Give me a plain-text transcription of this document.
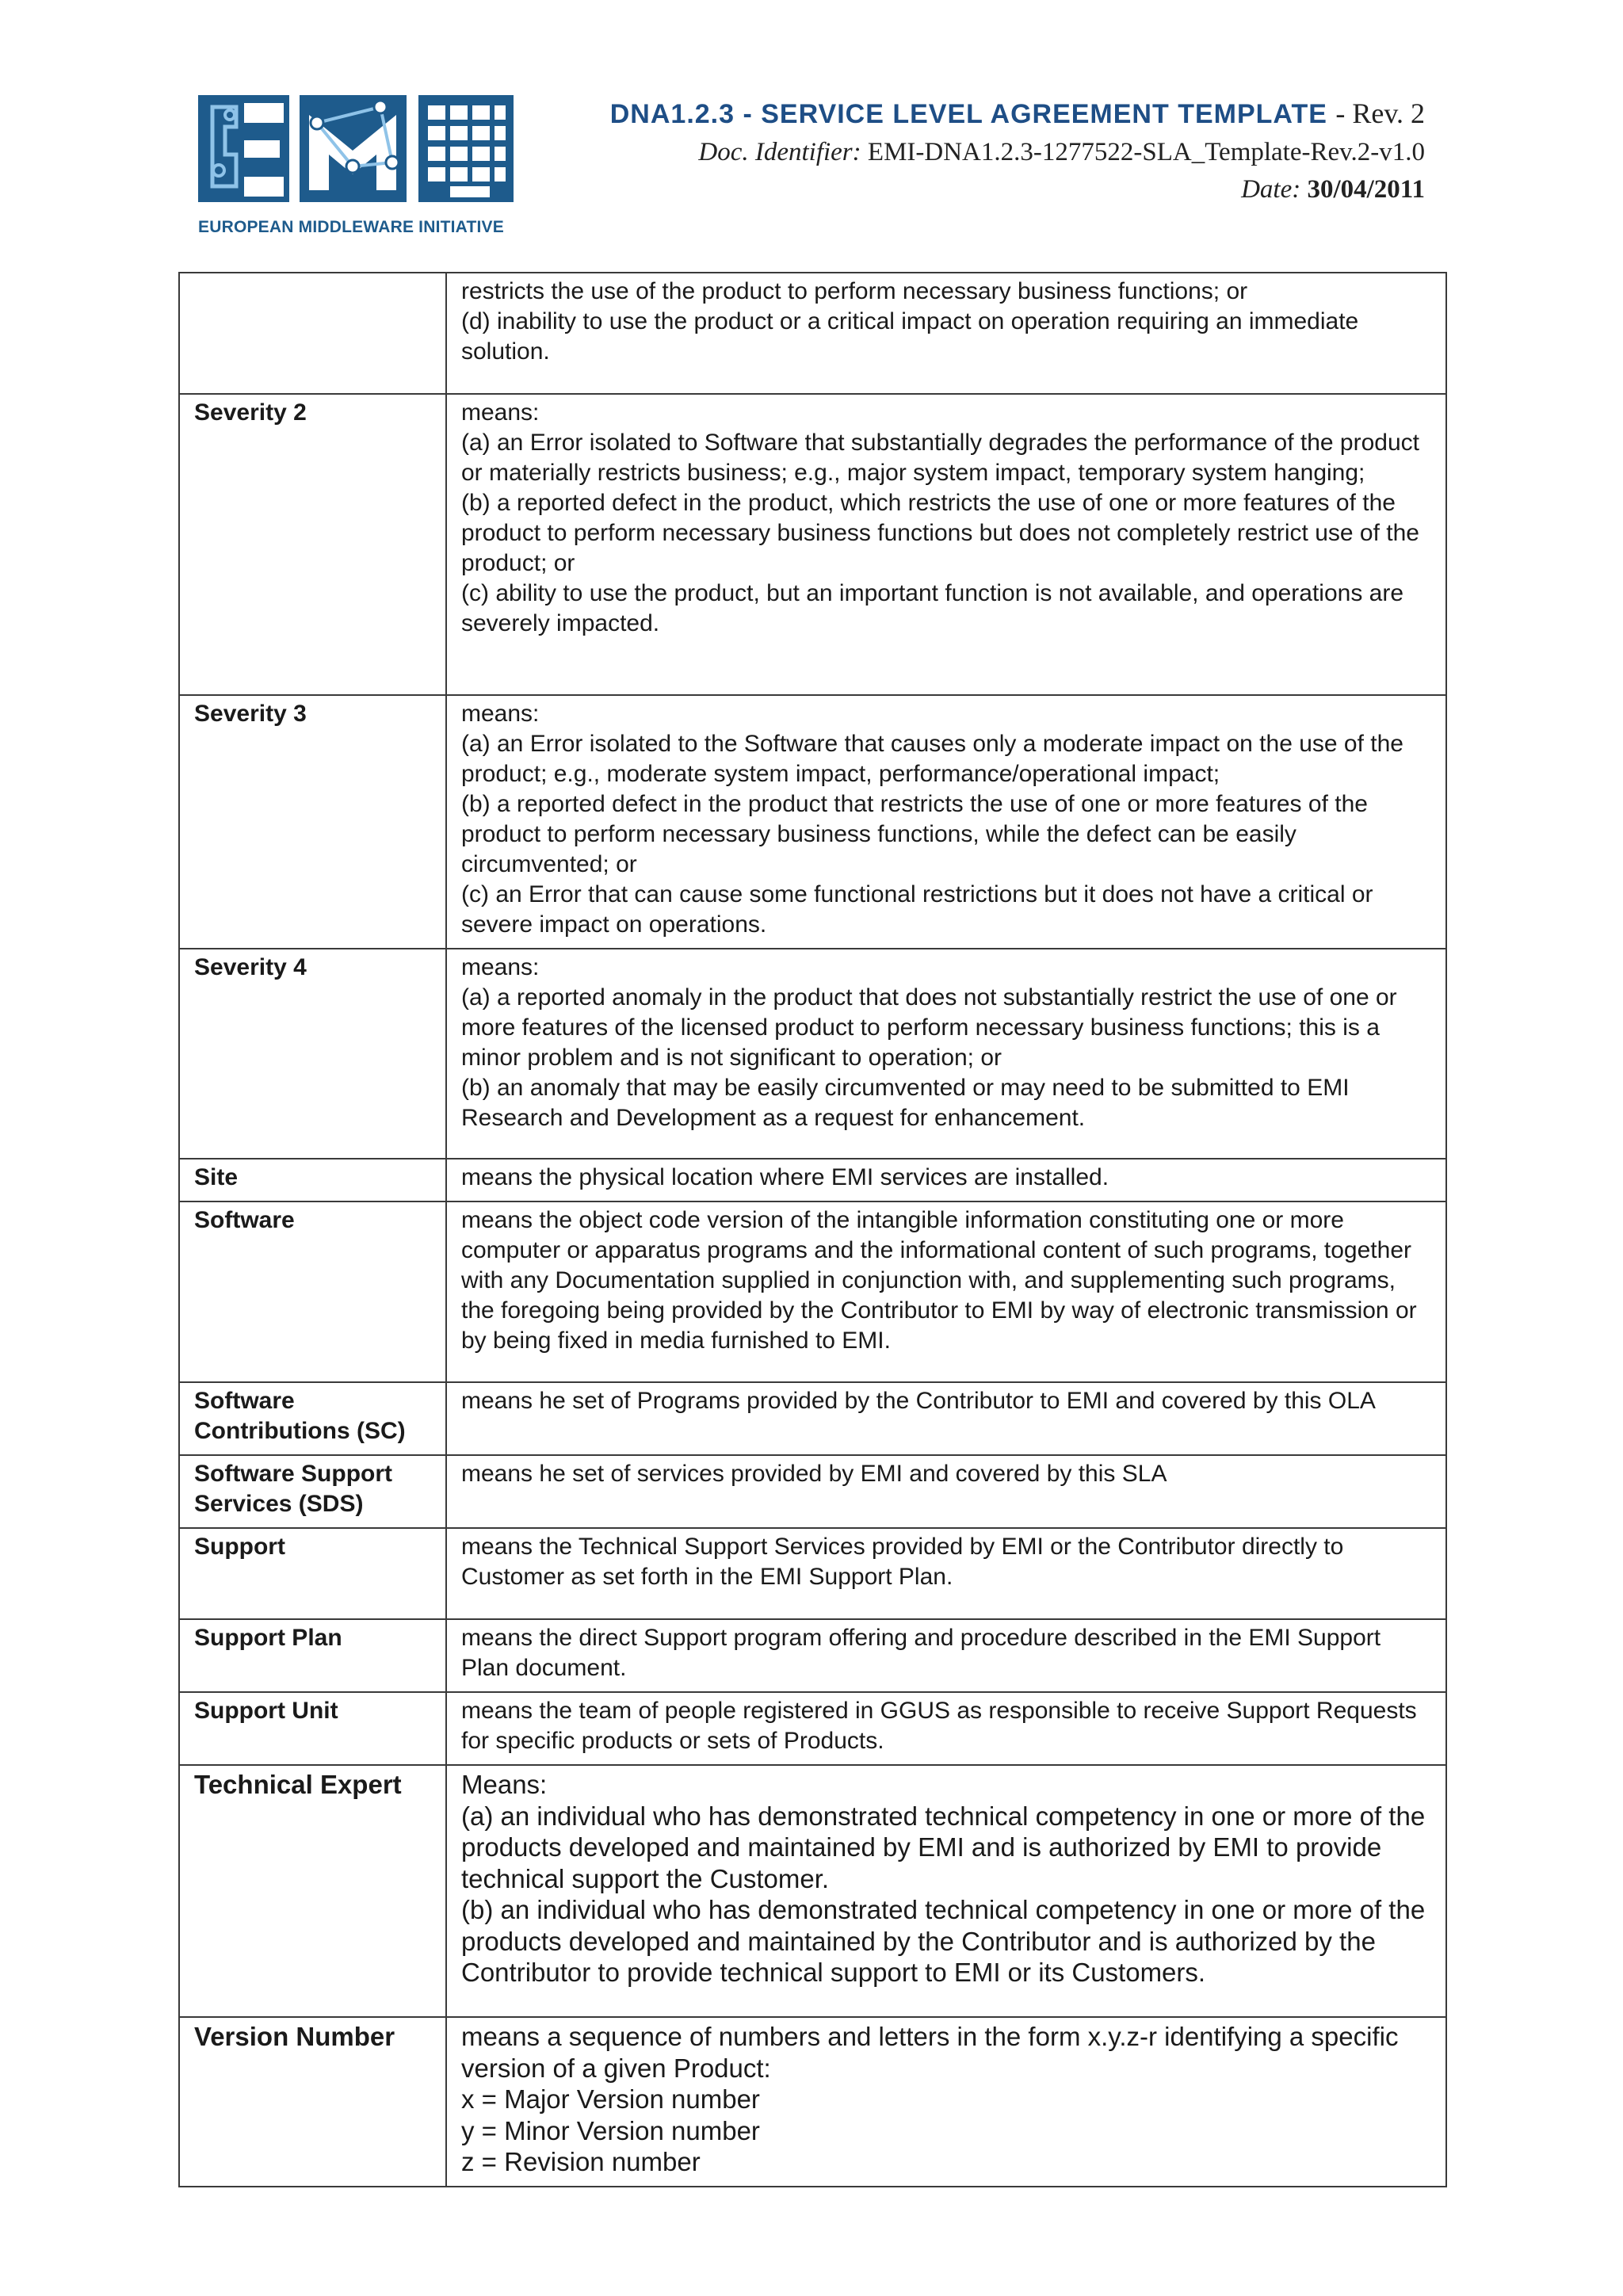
EUROPEAN MIDDLEWARE INITIATIVE
DNA1.2.3 - SERVICE LEVEL AGREEMENT TEMPLATE - Rev. 2
Doc. Identifier: EMI-DNA1.2.3-1277522-SLA_Template-Rev.2-v1.0
Date: 30/04/2011
	restricts the use of the product to perform necessary business functions; or
(d) inability to use the product or a critical impact on operation requiring an immediate solution.
Severity 2	means:
(a) an Error isolated to Software that substantially degrades the performance of the product or materially restricts business; e.g., major system impact, temporary system hanging;
(b) a reported defect in the product, which restricts the use of one or more features of the product to perform necessary business functions but does not completely restrict use of the product; or
(c) ability to use the product, but an important function is not available, and operations are severely impacted.
Severity 3	means:
(a) an Error isolated to the Software that causes only a moderate impact on the use of the product; e.g., moderate system impact, performance/operational impact;
(b) a reported defect in the product that restricts the use of one or more features of the product to perform necessary business functions, while the defect can be easily circumvented; or
(c) an Error that can cause some functional restrictions but it does not have a critical or severe impact on operations.
Severity 4	means:
(a) a reported anomaly in the product that does not substantially restrict the use of one or more features of the licensed product to perform necessary business functions; this is a minor problem and is not significant to operation; or
(b) an anomaly that may be easily circumvented or may need to be submitted to EMI Research and Development as a request for enhancement.
Site	means the physical location where EMI services are installed.
Software	means the object code version of the intangible information constituting one or more computer or apparatus programs and the informational content of such programs, together with any Documentation supplied in conjunction with, and supplementing such programs, the foregoing being provided by the Contributor to EMI by way of electronic transmission or by being fixed in media furnished to EMI.
Software Contributions (SC)	means he set of Programs provided by the Contributor to EMI and covered by this OLA
Software Support Services (SDS)	means he set of services provided by EMI and covered by this SLA
Support	means the Technical Support Services provided by EMI or the Contributor directly to Customer as set forth in the EMI Support Plan.
Support Plan	means the direct Support program offering and procedure described in the EMI Support Plan document.
Support Unit	means the team of people registered in GGUS as responsible to receive Support Requests for specific products or sets of Products.
Technical Expert	Means:
(a) an individual who has demonstrated technical competency in one or more of the products developed and maintained by EMI and is authorized by EMI to provide technical support the Customer.
(b) an individual who has demonstrated technical competency in one or more of the products developed and maintained by the Contributor and is authorized by the Contributor to provide technical support to EMI or its Customers.
Version Number	means a sequence of numbers and letters in the form x.y.z-r identifying a specific version of a given Product:
x = Major Version number
y = Minor Version number
z = Revision number
